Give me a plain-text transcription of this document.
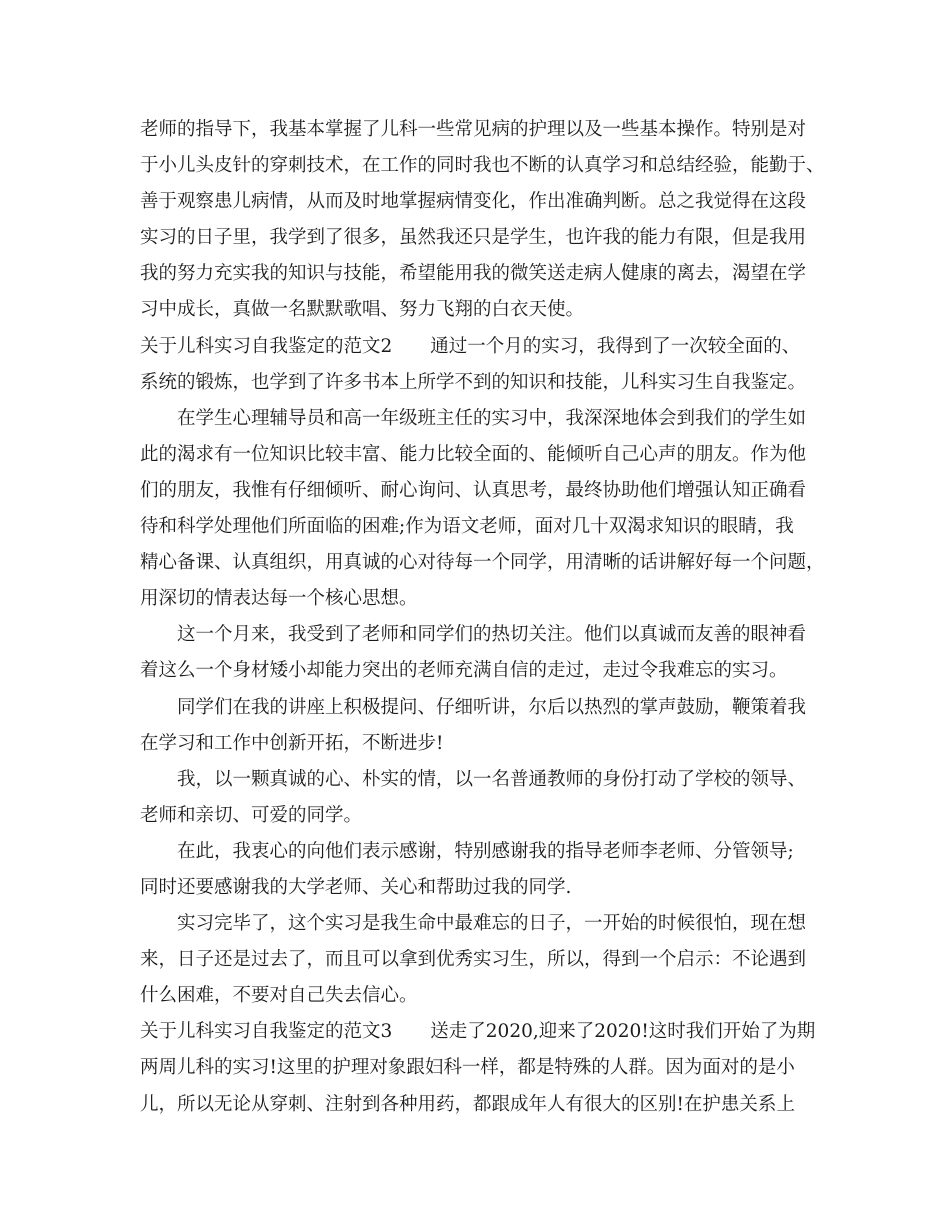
老师的指导下，我基本掌握了儿科一些常见病的护理以及一些基本操作。特别是对
于小儿头皮针的穿刺技术，在工作的同时我也不断的认真学习和总结经验，能勤于、
善于观察患儿病情，从而及时地掌握病情变化，作出准确判断。总之我觉得在这段
实习的日子里，我学到了很多，虽然我还只是学生，也许我的能力有限，但是我用
我的努力充实我的知识与技能，希望能用我的微笑送走病人健康的离去，渴望在学
习中成长，真做一名默默歌唱、努力飞翔的白衣天使。
关于儿科实习自我鉴定的范文2 通过一个月的实习，我得到了一次较全面的、
系统的锻炼，也学到了许多书本上所学不到的知识和技能，儿科实习生自我鉴定。
在学生心理辅导员和高一年级班主任的实习中，我深深地体会到我们的学生如
此的渴求有一位知识比较丰富、能力比较全面的、能倾听自己心声的朋友。作为他
们的朋友，我惟有仔细倾听、耐心询问、认真思考，最终协助他们增强认知正确看
待和科学处理他们所面临的困难;作为语文老师，面对几十双渴求知识的眼睛，我
精心备课、认真组织，用真诚的心对待每一个同学，用清晰的话讲解好每一个问题，
用深切的情表达每一个核心思想。
这一个月来，我受到了老师和同学们的热切关注。他们以真诚而友善的眼神看
着这么一个身材矮小却能力突出的老师充满自信的走过，走过令我难忘的实习。
同学们在我的讲座上积极提问、仔细听讲，尔后以热烈的掌声鼓励，鞭策着我
在学习和工作中创新开拓，不断进步!
我，以一颗真诚的心、朴实的情，以一名普通教师的身份打动了学校的领导、
老师和亲切、可爱的同学。
在此，我衷心的向他们表示感谢，特别感谢我的指导老师李老师、分管领导;
同时还要感谢我的大学老师、关心和帮助过我的同学.
实习完毕了，这个实习是我生命中最难忘的日子，一开始的时候很怕，现在想
来，日子还是过去了，而且可以拿到优秀实习生，所以，得到一个启示：不论遇到
什么困难，不要对自己失去信心。
关于儿科实习自我鉴定的范文3 送走了2020,迎来了2020!这时我们开始了为期
两周儿科的实习!这里的护理对象跟妇科一样，都是特殊的人群。因为面对的是小
儿，所以无论从穿刺、注射到各种用药，都跟成年人有很大的区别!在护患关系上
